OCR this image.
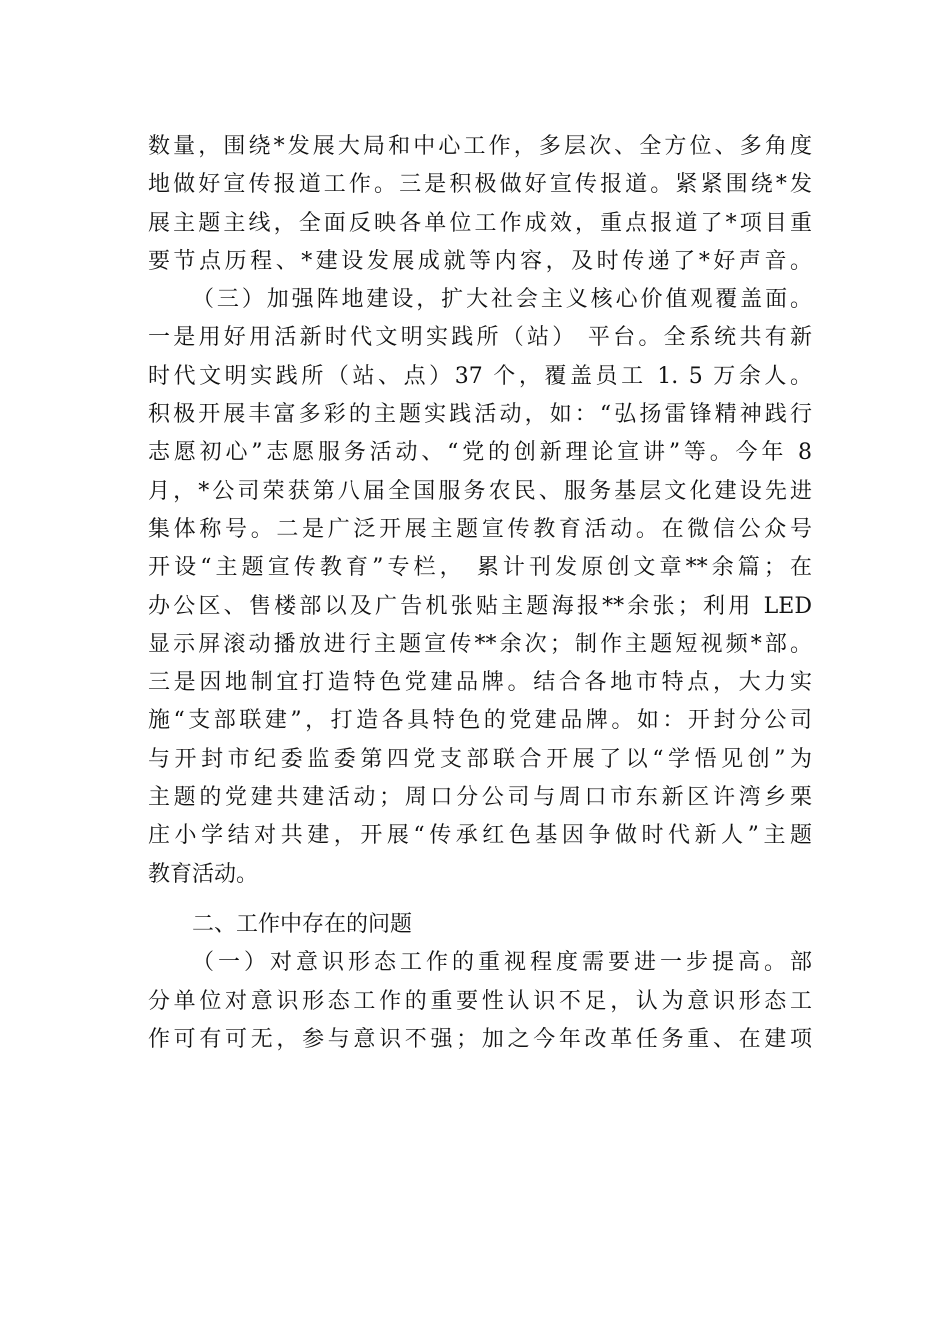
数量，围绕*发展大局和中心工作，多层次、全方位、多角度
地做好宣传报道工作。三是积极做好宣传报道。紧紧围绕*发
展主题主线，全面反映各单位工作成效，重点报道了*项目重
要节点历程、*建设发展成就等内容，及时传递了*好声音。
（三）加强阵地建设，扩大社会主义核心价值观覆盖面。
一是用好用活新时代文明实践所（站） 平台。全系统共有新
时代文明实践所（站、点）37 个，覆盖员工 1. 5 万余人。
积极开展丰富多彩的主题实践活动，如：“弘扬雷锋精神践行
志愿初心”志愿服务活动、“党的创新理论宣讲”等。今年 8
月，*公司荣获第八届全国服务农民、服务基层文化建设先进
集体称号。二是广泛开展主题宣传教育活动。在微信公众号
开设“主题宣传教育”专栏， 累计刊发原创文章**余篇；在
办公区、售楼部以及广告机张贴主题海报**余张；利用 LED
显示屏滚动播放进行主题宣传**余次；制作主题短视频*部。
三是因地制宜打造特色党建品牌。结合各地市特点，大力实
施“支部联建”，打造各具特色的党建品牌。如：开封分公司
与开封市纪委监委第四党支部联合开展了以“学悟见创”为
主题的党建共建活动；周口分公司与周口市东新区许湾乡栗
庄小学结对共建，开展“传承红色基因争做时代新人”主题
教育活动。
二、工作中存在的问题
（一）对意识形态工作的重视程度需要进一步提高。部
分单位对意识形态工作的重要性认识不足，认为意识形态工
作可有可无，参与意识不强；加之今年改革任务重、在建项
